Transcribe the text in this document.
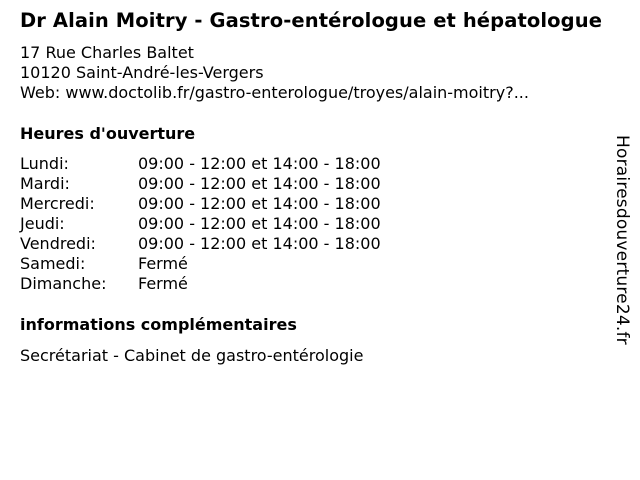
Dr Alain Moitry - Gastro-entérologue et hépatologue
17 Rue Charles Baltet
10120 Saint-André-les-Vergers
Web: www.doctolib.fr/gastro-enterologue/troyes/alain-moitry?...
Heures d'ouverture
Lundi:	09:00 - 12:00 et 14:00 - 18:00
Mardi:	09:00 - 12:00 et 14:00 - 18:00
Mercredi:	09:00 - 12:00 et 14:00 - 18:00
Jeudi:	09:00 - 12:00 et 14:00 - 18:00
Vendredi:	09:00 - 12:00 et 14:00 - 18:00
Samedi:	Fermé
Dimanche: Fermé
informations complémentaires
Secrétariat - Cabinet de gastro-entérologie
Horairesdouverture24.fr
